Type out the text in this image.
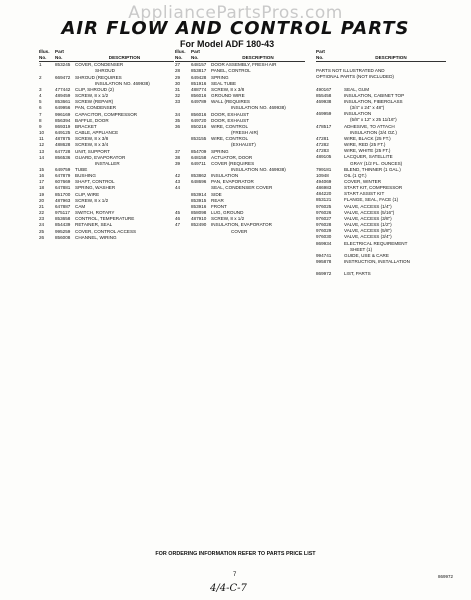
AppliancePartsPros.com
AIR FLOW AND CONTROL PARTS
For Model ADF 180-43
Illus.	Part
No.	No.	DESCRIPTION
1	853245	COVER, CONDENSER
SHROUD
2	669472	SHROUD (REQUIRES
INSULATION NO. 469938)
3	477442	CLIP, SHROUD (2)
4	489459	SCREW, 8 x 1/2
5	853661	SCREW (REPAIR)
6	649956	PAN, CONDENSER
7	996169	CAPACITOR, COMPRESSOR
8	856394	BAFFLE, DOOR
9	869319	BRACKET
10	649125	CABLE, APPLIANCE
11	487875	SCREW, 8 x 3/8
12	488628	SCREW, 8 x 3/4
13	647728	UNIT, SUPPORT
14	856536	GUARD, EVAPORATOR
INSTALLER
15	649759	TUBE
16	647879	BUSHING
17	607669	SHAFT, CONTROL
18	647881	SPRING, WASHER
19	851700	CLIP, WIRE
20	487963	SCREW, 8 x 1/2
21	647887	CAM
22	975117	SWITCH, ROTARY
23	853658	CONTROL, TEMPERATURE
24	854439	RETAINER, SEAL
25	995259	COVER, CONTROL ACCESS
26	856008	CHANNEL, WIRING
Illus.	Part
No.	No.	DESCRIPTION
27	648157	DOOR ASSEMBLY, FRESH AIR
28	853817	PANEL, CONTROL
29	649428	SPRING
30	851916	SEAL TUBE
31	488774	SCREW, 8 x 3/8
32	856016	GROUND WIRE
33	649789	WALL (REQUIRES
INSULATION NO. 469938)
34	856016	DOOR, EXHAUST
35	649720	DOOR, EXHAUST
36	850216	WIRE, CONTROL
(FRESH AIR)
853155	WIRE, CONTROL
(EXHAUST)
37	854709	SPRING
38	648158	ACTUATOR, DOOR
39	649711	COVER (REQUIRES
INSULATION NO. 469938)
42	853862	INSULATION
43	648696	PAN, EVAPORATOR
44	SEAL, CONDENSER COVER
853914	SIDE
853915	REAR
853916	FRONT
45	858098	LUG, GROUND
46	487910	SCREW, 8 x 1/2
47	852490	INSULATION, EVAPORATOR
COVER
Part
No.	DESCRIPTION
PARTS NOT ILLUSTRATED AND
OPTIONAL PARTS (NOT INCLUDED)
490167	SEAL, GUM
855458	INSULATION, CABINET TOP
469938	INSULATION, FIBERGLASS
(3/4" x 24" x 48")
469959	INSULATION
(5/8" x 12" x 25 11/16")
478517	ADHESIVE, TO ATTACH
INSULATION (3/4 OZ.)
47281	WIRE, BLACK (25 FT.)
47282	WIRE, RED (25 FT.)
47283	WIRE, WHITE (25 FT.)
489105	LACQUER, SATELLITE
GRAY (1/2 FL. OUNCES)
799181	BLEND, THINNER (1 GAL.)
10948	OIL (1 QT.)
494069	COVER, WINTER
486983	START KIT, COMPRESSOR
484220	START ASSIST KIT
853121	FLANGE, SEAL, FACE (1)
976025	VALVE, ACCESS (1/4")
976026	VALVE, ACCESS (5/16")
976027	VALVE, ACCESS (3/8")
976028	VALVE, ACCESS (1/2")
976029	VALVE, ACCESS (5/8")
976030	VALVE, ACCESS (3/4")
869934	ELECTRICAL REQUIREMENT
SHEET (1)
994741	GUIDE, USE & CARE
995878	INSTRUCTION, INSTALLATION
869972	LIST, PARTS
FOR ORDERING INFORMATION REFER TO PARTS PRICE LIST
7	869972
4/4-C-7
